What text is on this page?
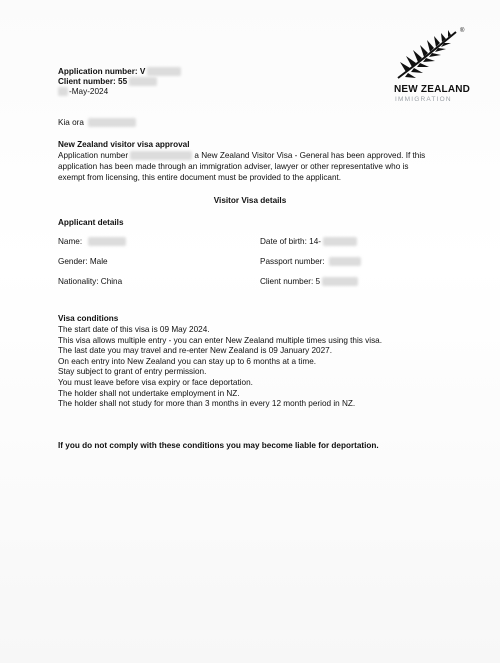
®
NEW ZEALAND
IMMIGRATION
Application number: V
Client number: 55
-May-2024
Kia ora
New Zealand visitor visa approval
Application number	a New Zealand Visitor Visa - General has been approved. If this
application has been made through an immigration adviser, lawyer or other representative who is
exempt from licensing, this entire document must be provided to the applicant.
Visitor Visa details
Applicant details
Name:	Date of birth: 14-
Gender: Male	Passport number:
Nationality: China	Client number: 5
Visa conditions
The start date of this visa is 09 May 2024.
This visa allows multiple entry - you can enter New Zealand multiple times using this visa.
The last date you may travel and re-enter New Zealand is 09 January 2027.
On each entry into New Zealand you can stay up to 6 months at a time.
Stay subject to grant of entry permission.
You must leave before visa expiry or face deportation.
The holder shall not undertake employment in NZ.
The holder shall not study for more than 3 months in every 12 month period in NZ.
If you do not comply with these conditions you may become liable for deportation.
